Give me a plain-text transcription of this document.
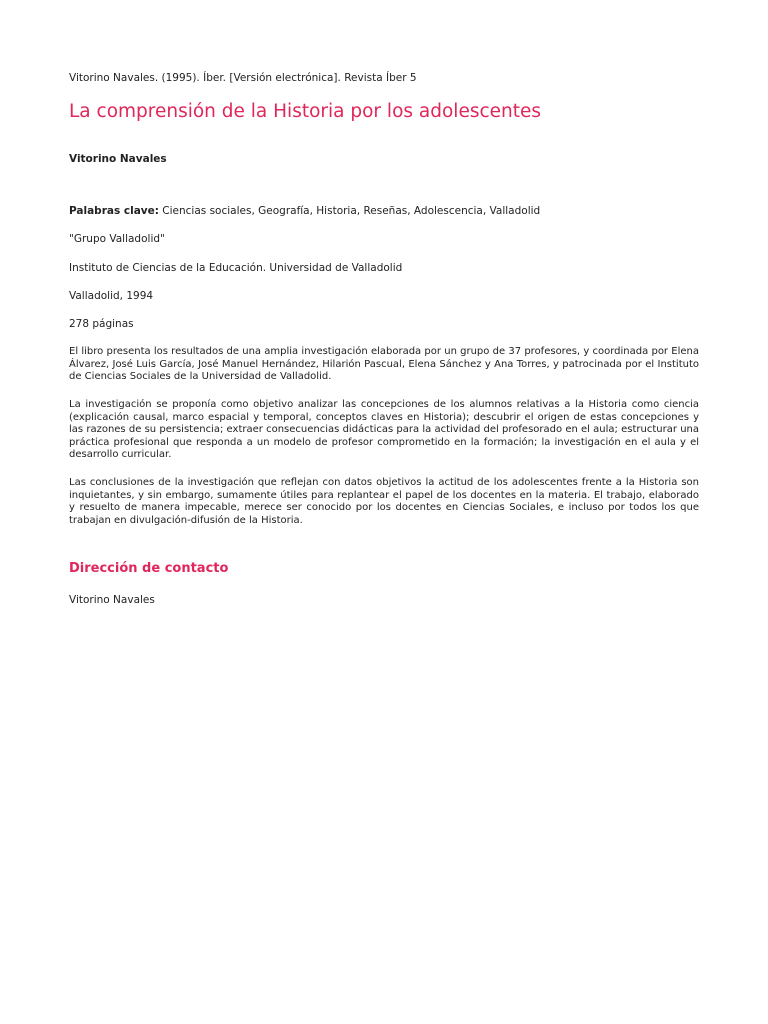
Vitorino Navales. (1995). Íber. [Versión electrónica]. Revista Íber 5
La comprensión de la Historia por los adolescentes
Vitorino Navales
Palabras clave: Ciencias sociales, Geografía, Historia, Reseñas, Adolescencia, Valladolid
"Grupo Valladolid"
Instituto de Ciencias de la Educación. Universidad de Valladolid
Valladolid, 1994
278 páginas

El libro presenta los resultados de una amplia investigación elaborada por un grupo de 37 profesores, y coordinada por Elena Álvarez, José Luis García, José Manuel Hernández, Hilarión Pascual, Elena Sánchez y Ana Torres, y patrocinada por el Instituto de Ciencias Sociales de la Universidad de Valladolid.

La investigación se proponía como objetivo analizar las concepciones de los alumnos relativas a la Historia como ciencia (explicación causal, marco espacial y temporal, conceptos claves en Historia); descubrir el origen de estas concepciones y las razones de su persistencia; extraer consecuencias didácticas para la actividad del profesorado en el aula; estructurar una práctica profesional que responda a un modelo de profesor comprometido en la formación; la investigación en el aula y el desarrollo curricular.

Las conclusiones de la investigación que reflejan con datos objetivos la actitud de los adolescentes frente a la Historia son inquietantes, y sin embargo, sumamente útiles para replantear el papel de los docentes en la materia. El trabajo, elaborado y resuelto de manera impecable, merece ser conocido por los docentes en Ciencias Sociales, e incluso por todos los que trabajan en divulgación-difusión de la Historia.

Dirección de contacto
Vitorino Navales
